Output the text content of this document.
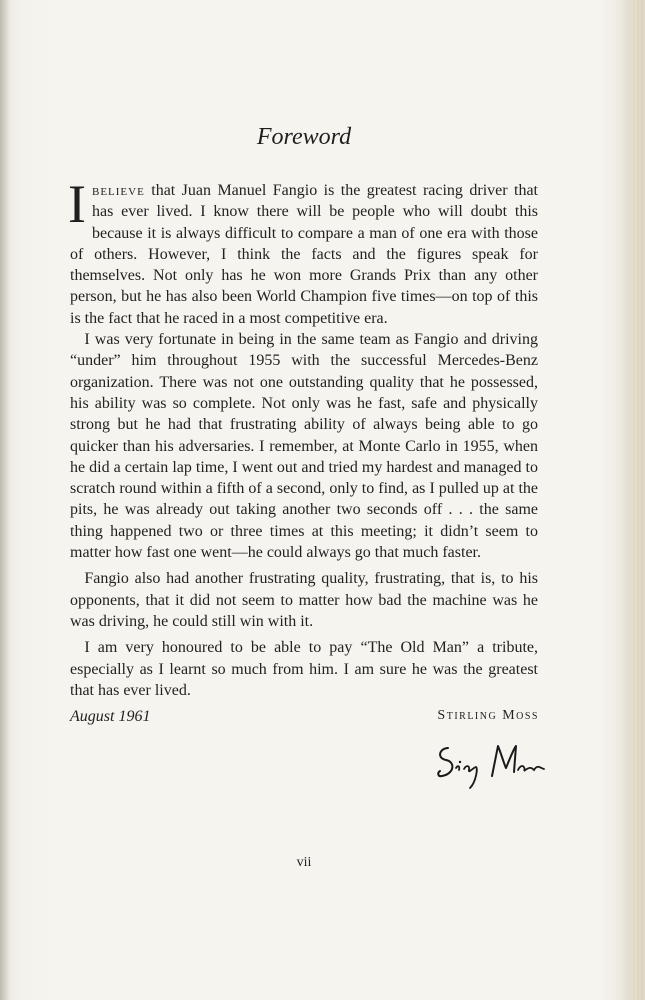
Foreword

Ibelieve that Juan Manuel Fangio is the greatest racing driver that has ever lived. I know there will be people who will doubt this because it is always difficult to compare a man of one era with those of others. However, I think the facts and the figures speak for themselves. Not only has he won more Grands Prix than any other person, but he has also been World Champion five times—on top of this is the fact that he raced in a most competitive era.

I was very fortunate in being in the same team as Fangio and driving “under” him throughout 1955 with the successful Mercedes-Benz organization. There was not one outstanding quality that he possessed, his ability was so complete. Not only was he fast, safe and physically strong but he had that frustrating ability of always being able to go quicker than his adversaries. I remember, at Monte Carlo in 1955, when he did a certain lap time, I went out and tried my hardest and managed to scratch round within a fifth of a second, only to find, as I pulled up at the pits, he was already out taking another two seconds off . . . the same thing happened two or three times at this meeting; it didn’t seem to matter how fast one went—he could always go that much faster.

Fangio also had another frustrating quality, frustrating, that is, to his opponents, that it did not seem to matter how bad the machine was he was driving, he could still win with it.

I am very honoured to be able to pay “The Old Man” a tribute, especially as I learnt so much from him. I am sure he was the greatest that has ever lived.

August 1961	Stirling Moss
vii
